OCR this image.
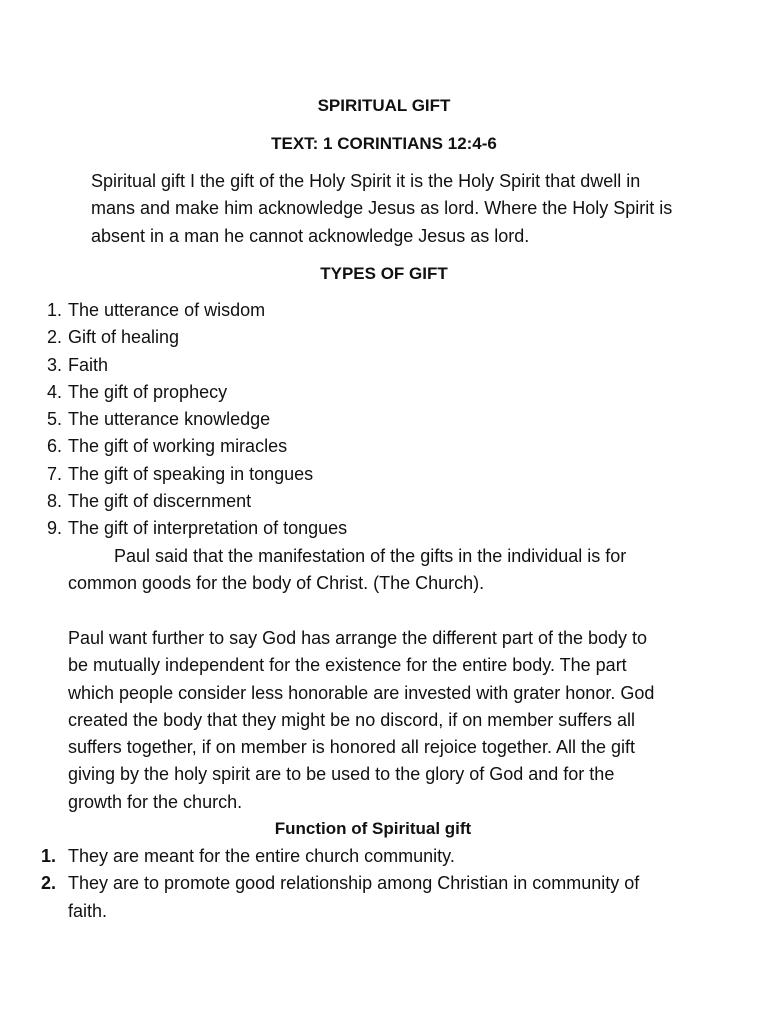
SPIRITUAL GIFT
TEXT: 1 CORINTIANS 12:4-6
Spiritual gift I the gift of the Holy Spirit it is the Holy Spirit that dwell in
mans and make him acknowledge Jesus as lord. Where the Holy Spirit is
absent in a man he cannot acknowledge Jesus as lord.
TYPES OF GIFT
1. The utterance of wisdom
2. Gift of healing
3. Faith
4. The gift of prophecy
5. The utterance knowledge
6. The gift of working miracles
7. The gift of speaking in tongues
8. The gift of discernment
9. The gift of interpretation of tongues
Paul said that the manifestation of the gifts in the individual is for
common goods for the body of Christ. (The Church).
Paul want further to say God has arrange the different part of the body to
be mutually independent for the existence for the entire body. The part
which people consider less honorable are invested with grater honor. God
created the body that they might be no discord, if on member suffers all
suffers together, if on member is honored all rejoice together. All the gift
giving by the holy spirit are to be used to the glory of God and for the
growth for the church.
Function of Spiritual gift
1. They are meant for the entire church community.
2. They are to promote good relationship among Christian in community of
faith.
